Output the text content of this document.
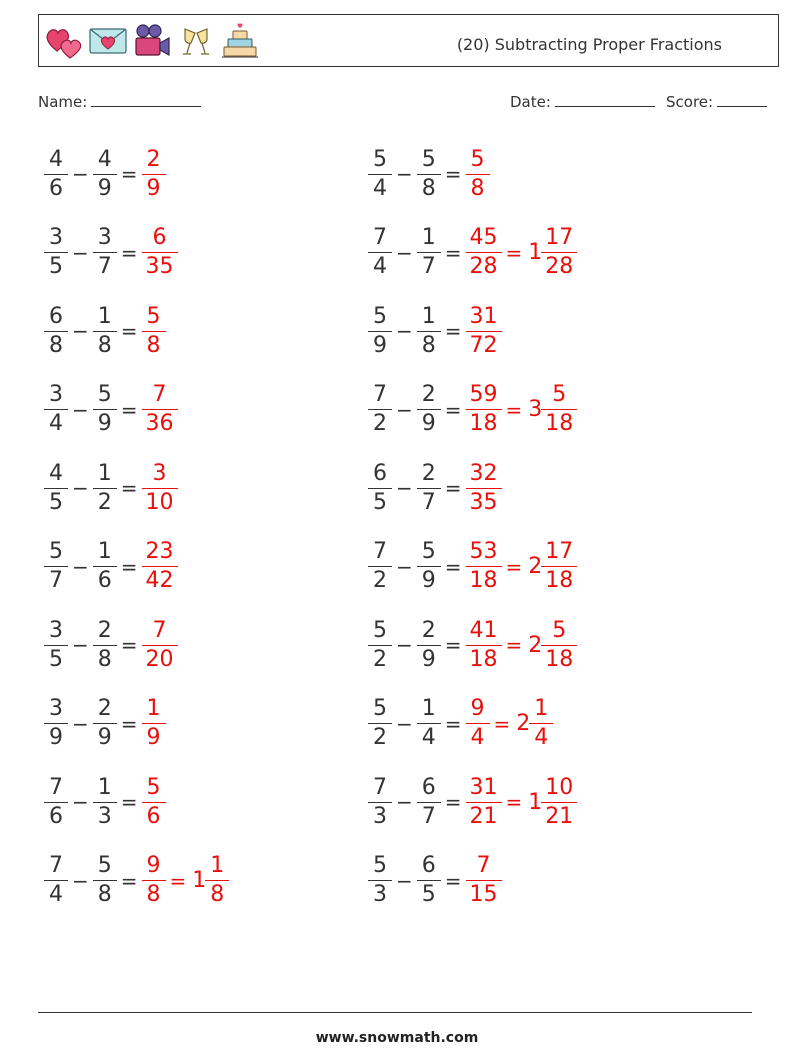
(20) Subtracting Proper Fractions
Name:	Date:	Score:
$\frac{4}{6} - \frac{4}{9} = \frac{2}{9}$	$\frac{5}{4} - \frac{5}{8} = \frac{5}{8}$
$\frac{3}{5} - \frac{3}{7} = \frac{6}{35}$	$\frac{7}{4} - \frac{1}{7} = \frac{45}{28} = 1 \frac{17}{28}$
$\frac{6}{8} - \frac{1}{8} = \frac{5}{8}$	$\frac{5}{9} - \frac{1}{8} = \frac{31}{72}$
$\frac{3}{4} - \frac{5}{9} = \frac{7}{36}$	$\frac{7}{2} - \frac{2}{9} = \frac{59}{18} = 3 \frac{5}{18}$
$\frac{4}{5} - \frac{1}{2} = \frac{3}{10}$	$\frac{6}{5} - \frac{2}{7} = \frac{32}{35}$
$\frac{5}{7} - \frac{1}{6} = \frac{23}{42}$	$\frac{7}{2} - \frac{5}{9} = \frac{53}{18} = 2 \frac{17}{18}$
$\frac{3}{5} - \frac{2}{8} = \frac{7}{20}$	$\frac{5}{2} - \frac{2}{9} = \frac{41}{18} = 2 \frac{5}{18}$
$\frac{3}{9} - \frac{2}{9} = \frac{1}{9}$	$\frac{5}{2} - \frac{1}{4} = \frac{9}{4} = 2 \frac{1}{4}$
$\frac{7}{6} - \frac{1}{3} = \frac{5}{6}$	$\frac{7}{3} - \frac{6}{7} = \frac{31}{21} = 1 \frac{10}{21}$
$\frac{7}{4} - \frac{5}{8} = \frac{9}{8} = 1 \frac{1}{8}$	$\frac{5}{3} - \frac{6}{5} = \frac{7}{15}$
www.snowmath.com
